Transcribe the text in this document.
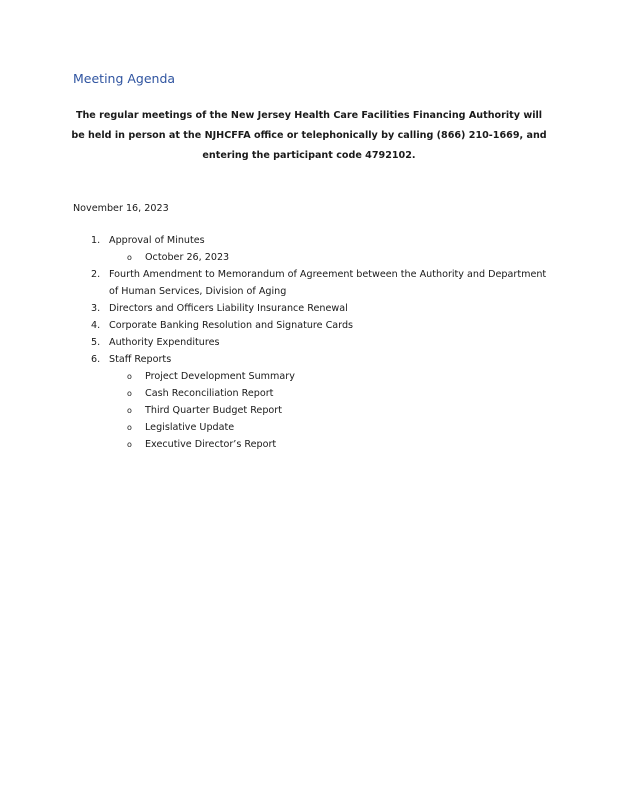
Meeting Agenda

The regular meetings of the New Jersey Health Care Facilities Financing Authority will be held in person at the NJHCFFA office or telephonically by calling (866) 210-1669, and entering the participant code 4792102.

November 16, 2023

1. Approval of Minutes
o October 26, 2023
2. Fourth Amendment to Memorandum of Agreement between the Authority and Department of Human Services, Division of Aging
3. Directors and Officers Liability Insurance Renewal
4. Corporate Banking Resolution and Signature Cards
5. Authority Expenditures
6. Staff Reports
o Project Development Summary
o Cash Reconciliation Report
o Third Quarter Budget Report
o Legislative Update
o Executive Director’s Report
